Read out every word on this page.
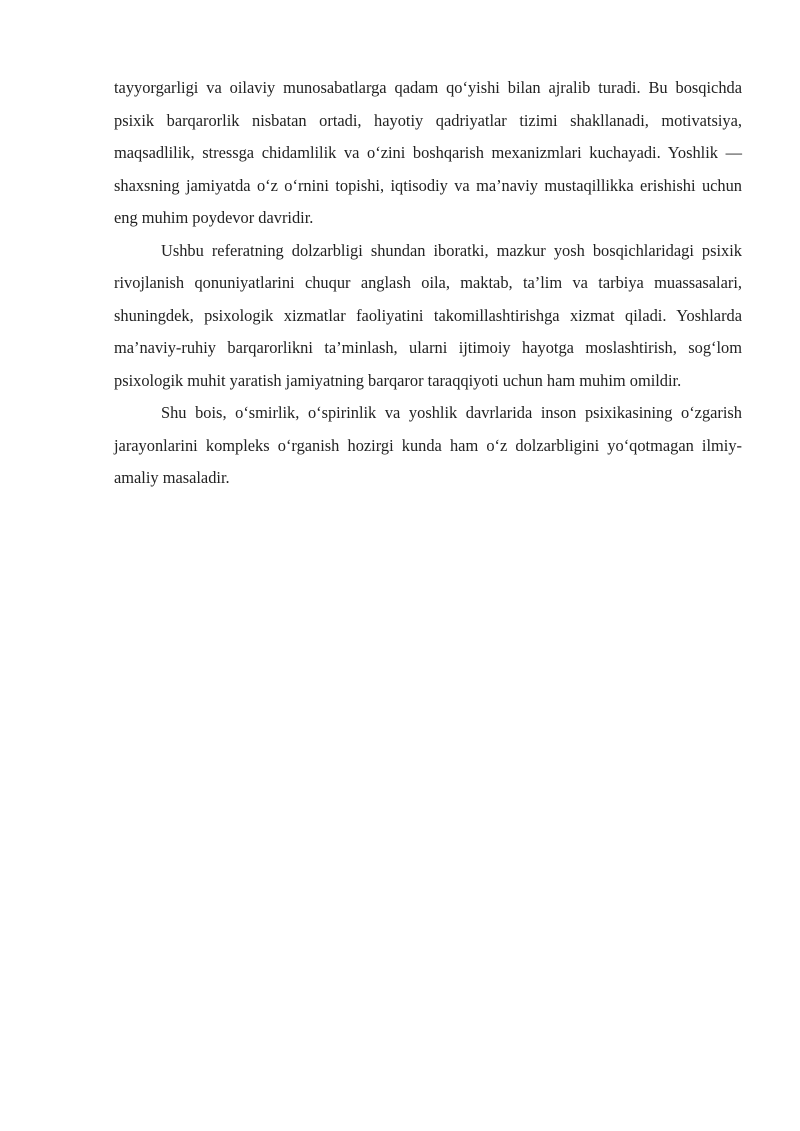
tayyorgarligi va oilaviy munosabatlarga qadam qo‘yishi bilan ajralib turadi. Bu bosqichda psixik barqarorlik nisbatan ortadi, hayotiy qadriyatlar tizimi shakllanadi, motivatsiya, maqsadlilik, stressga chidamlilik va o‘zini boshqarish mexanizmlari kuchayadi. Yoshlik — shaxsning jamiyatda o‘z o‘rnini topishi, iqtisodiy va ma’naviy mustaqillikka erishishi uchun eng muhim poydevor davridir.

Ushbu referatning dolzarbligi shundan iboratki, mazkur yosh bosqichlaridagi psixik rivojlanish qonuniyatlarini chuqur anglash oila, maktab, ta’lim va tarbiya muassasalari, shuningdek, psixologik xizmatlar faoliyatini takomillashtirishga xizmat qiladi. Yoshlarda ma’naviy-ruhiy barqarorlikni ta’minlash, ularni ijtimoiy hayotga moslashtirish, sog‘lom psixologik muhit yaratish jamiyatning barqaror taraqqiyoti uchun ham muhim omildir.

Shu bois, o‘smirlik, o‘spirinlik va yoshlik davrlarida inson psixikasining o‘zgarish jarayonlarini kompleks o‘rganish hozirgi kunda ham o‘z dolzarbligini yo‘qotmagan ilmiy-amaliy masaladir.
